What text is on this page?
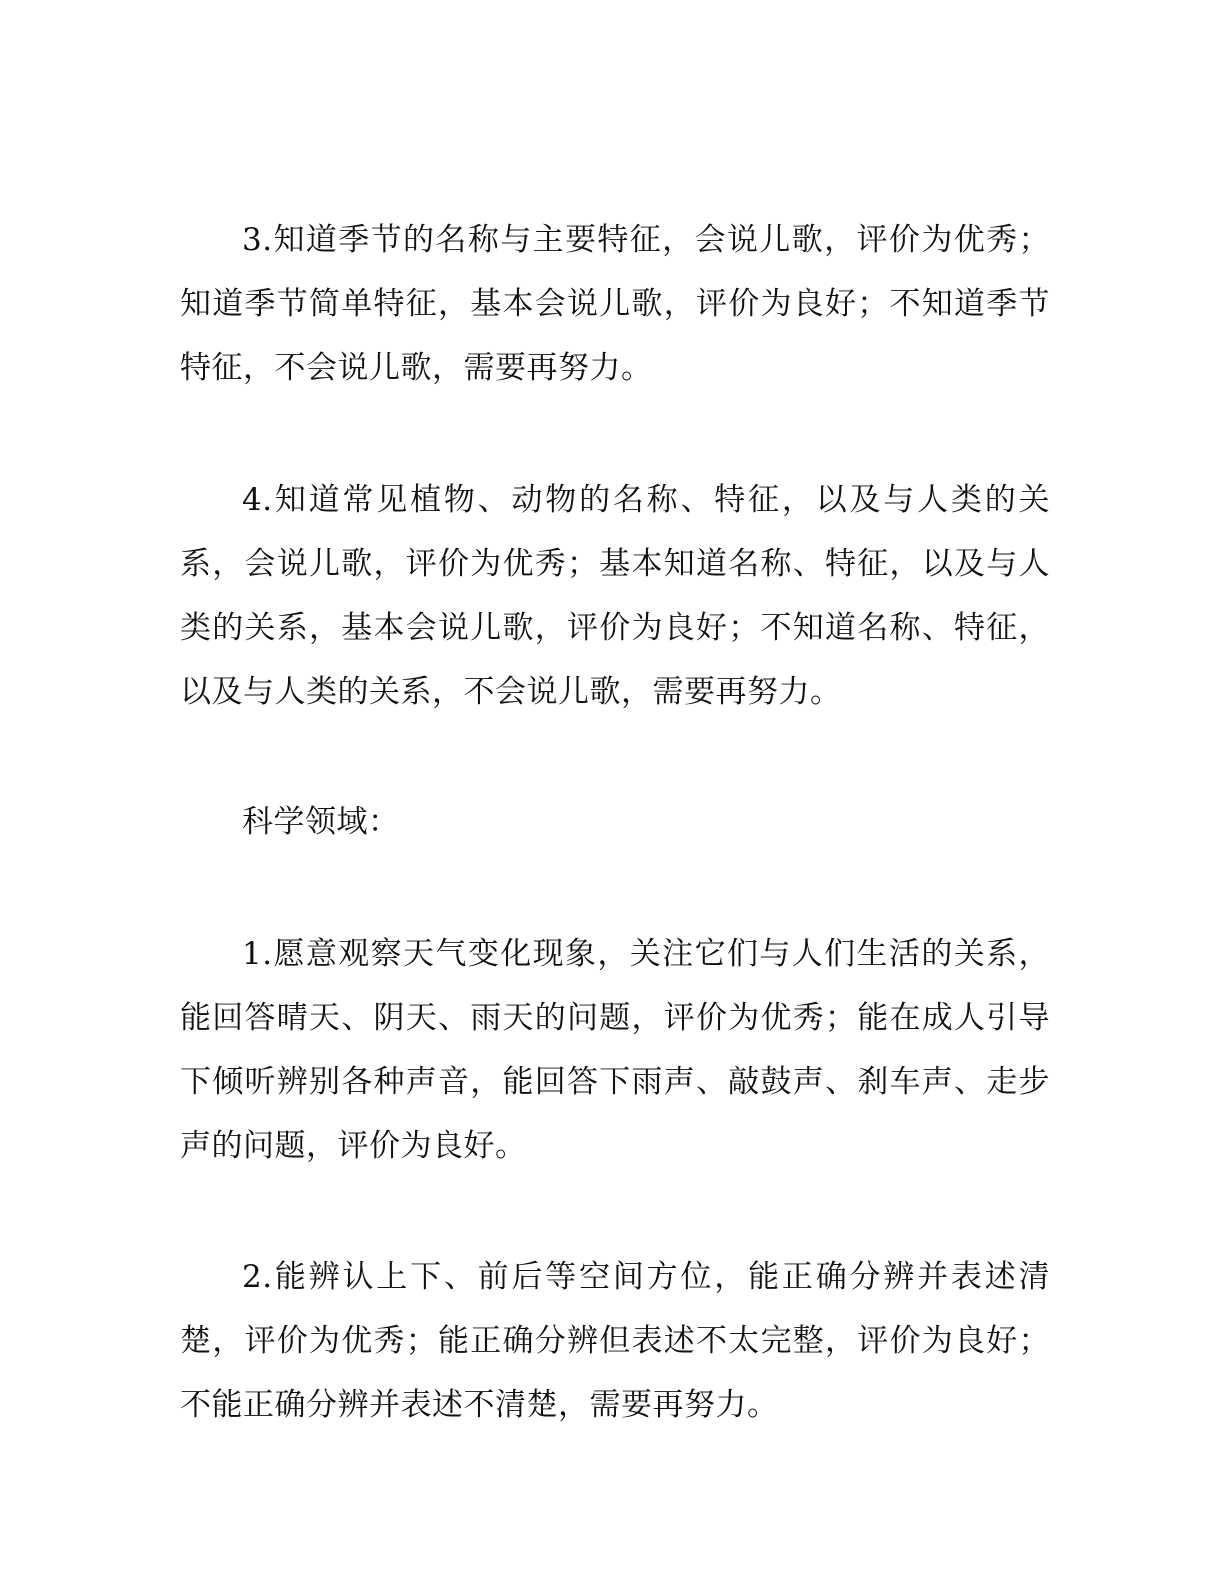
3.知道季节的名称与主要特征，会说儿歌，评价为优秀；知道季节简单特征，基本会说儿歌，评价为良好；不知道季节特征，不会说儿歌，需要再努力。

4.知道常见植物、动物的名称、特征，以及与人类的关系，会说儿歌，评价为优秀；基本知道名称、特征，以及与人类的关系，基本会说儿歌，评价为良好；不知道名称、特征，以及与人类的关系，不会说儿歌，需要再努力。

科学领域：

1.愿意观察天气变化现象，关注它们与人们生活的关系，能回答晴天、阴天、雨天的问题，评价为优秀；能在成人引导下倾听辨别各种声音，能回答下雨声、敲鼓声、刹车声、走步声的问题，评价为良好。

2.能辨认上下、前后等空间方位，能正确分辨并表述清楚，评价为优秀；能正确分辨但表述不太完整，评价为良好；不能正确分辨并表述不清楚，需要再努力。
